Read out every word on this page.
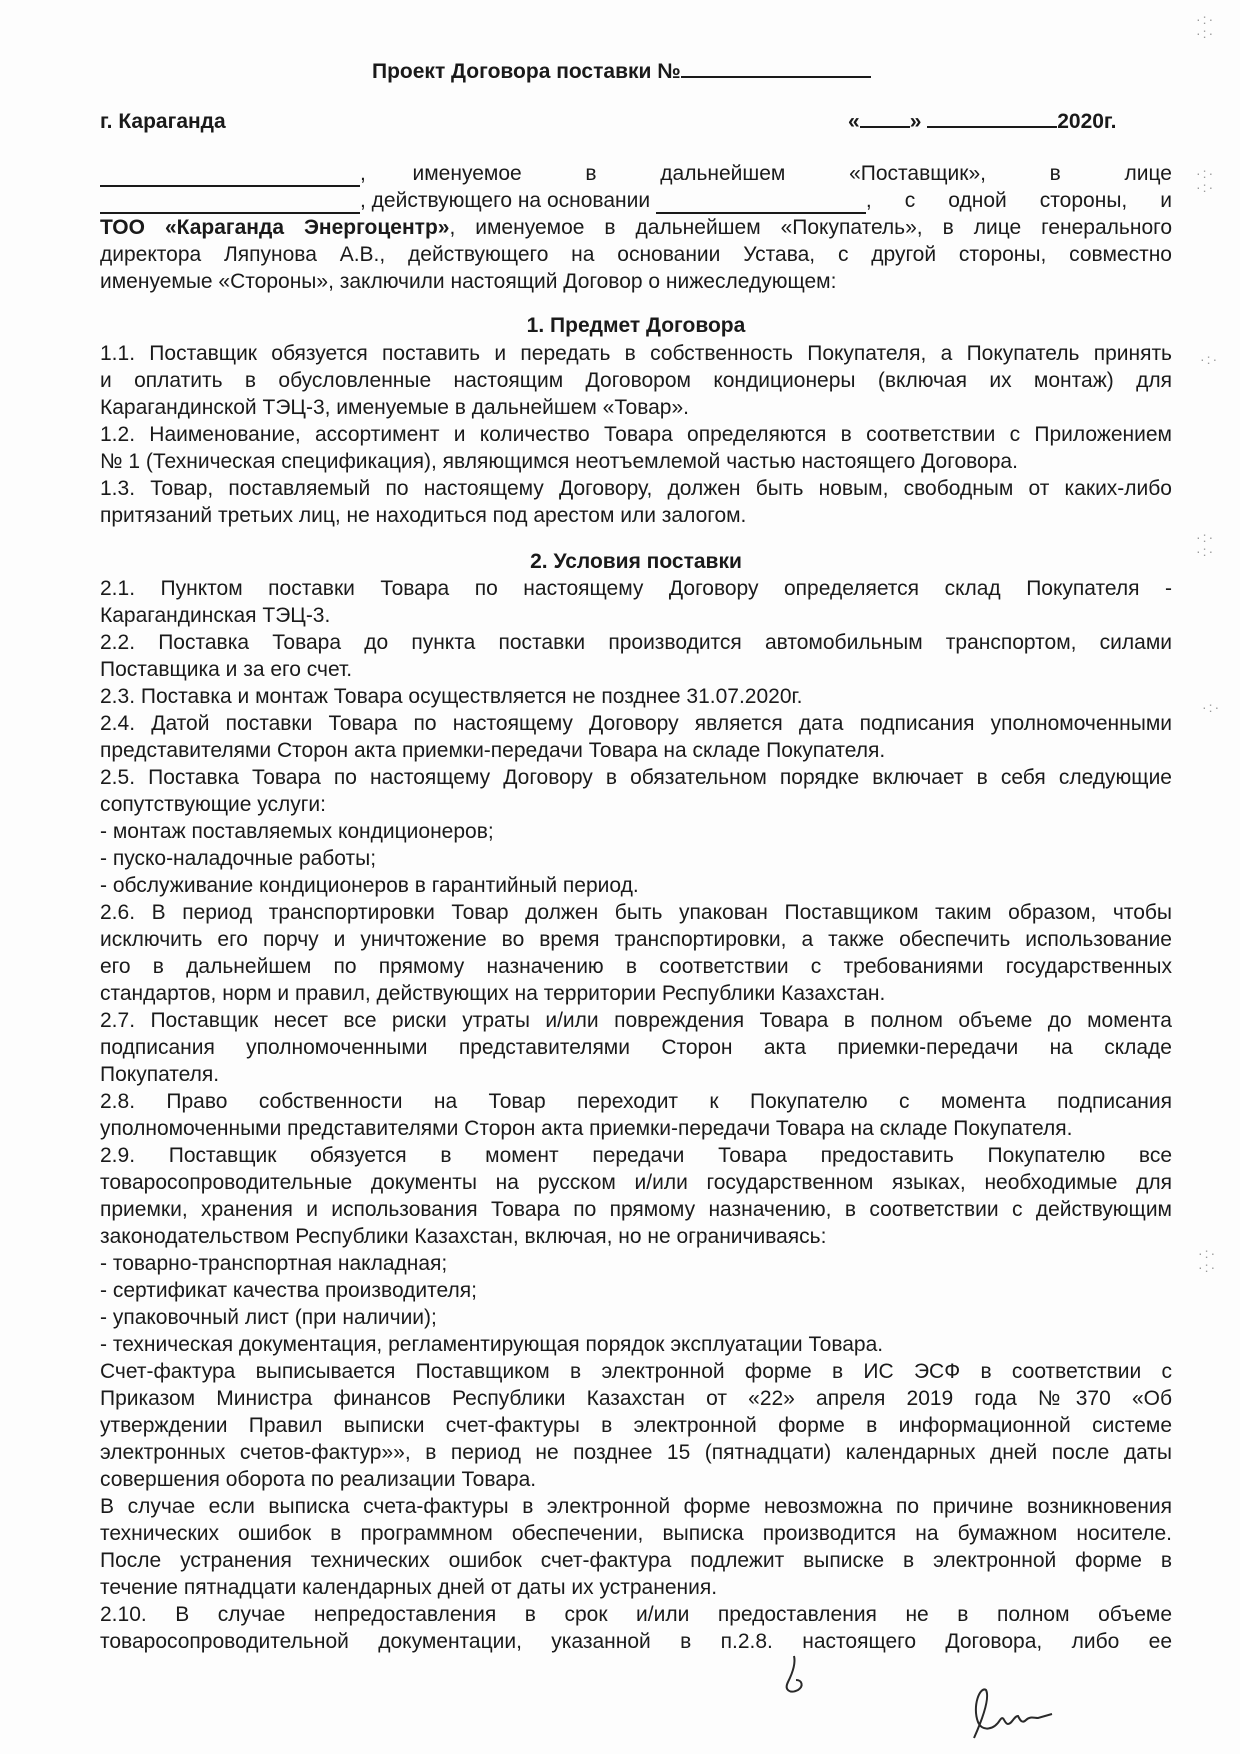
Проект Договора поставки №
г. Караганда	« »	2020г.
, именуемое в дальнейшем «Поставщик», в лице
, действующего на основании
	, с одной стороны, и
ТОО «Караганда Энергоцентр», именуемое в дальнейшем «Покупатель», в лице генерального
директора Ляпунова А.В., действующего на основании Устава, с другой стороны, совместно
именуемые «Стороны», заключили настоящий Договор о нижеследующем:
1. Предмет Договора
1.1. Поставщик обязуется поставить и передать в собственность Покупателя, а Покупатель принять
и оплатить в обусловленные настоящим Договором кондиционеры (включая их монтаж) для
Карагандинской ТЭЦ-3, именуемые в дальнейшем «Товар».
1.2. Наименование, ассортимент и количество Товара определяются в соответствии с Приложением
№ 1 (Техническая спецификация), являющимся неотъемлемой частью настоящего Договора.
1.3. Товар, поставляемый по настоящему Договору, должен быть новым, свободным от каких-либо
притязаний третьих лиц, не находиться под арестом или залогом.
2. Условия поставки
2.1. Пунктом поставки Товара по настоящему Договору определяется склад Покупателя -
Карагандинская ТЭЦ-3.
2.2. Поставка Товара до пункта поставки производится автомобильным транспортом, силами
Поставщика и за его счет.
2.3. Поставка и монтаж Товара осуществляется не позднее 31.07.2020г.
2.4. Датой поставки Товара по настоящему Договору является дата подписания уполномоченными
представителями Сторон акта приемки-передачи Товара на складе Покупателя.
2.5. Поставка Товара по настоящему Договору в обязательном порядке включает в себя следующие
сопутствующие услуги:
- монтаж поставляемых кондиционеров;
- пуско-наладочные работы;
- обслуживание кондиционеров в гарантийный период.
2.6. В период транспортировки Товар должен быть упакован Поставщиком таким образом, чтобы
исключить его порчу и уничтожение во время транспортировки, а также обеспечить использование
его в дальнейшем по прямому назначению в соответствии с требованиями государственных
стандартов, норм и правил, действующих на территории Республики Казахстан.
2.7. Поставщик несет все риски утраты и/или повреждения Товара в полном объеме до момента
подписания уполномоченными представителями Сторон акта приемки-передачи на складе
Покупателя.
2.8. Право собственности на Товар переходит к Покупателю с момента подписания
уполномоченными представителями Сторон акта приемки-передачи Товара на складе Покупателя.
2.9. Поставщик обязуется в момент передачи Товара предоставить Покупателю все
товаросопроводительные документы на русском и/или государственном языках, необходимые для
приемки, хранения и использования Товара по прямому назначению, в соответствии с действующим
законодательством Республики Казахстан, включая, но не ограничиваясь:
- товарно-транспортная накладная;
- сертификат качества производителя;
- упаковочный лист (при наличии);
- техническая документация, регламентирующая порядок эксплуатации Товара.
Счет-фактура выписывается Поставщиком в электронной форме в ИС ЭСФ в соответствии с
Приказом Министра финансов Республики Казахстан от «22» апреля 2019 года №370 «Об
утверждении Правил выписки счет-фактуры в электронной форме в информационной системе
электронных счетов-фактур»», в период не позднее 15 (пятнадцати) календарных дней после даты
совершения оборота по реализации Товара.
В случае если выписка счета-фактуры в электронной форме невозможна по причине возникновения
технических ошибок в программном обеспечении, выписка производится на бумажном носителе.
После устранения технических ошибок счет-фактура подлежит выписке в электронной форме в
течение пятнадцати календарных дней от даты их устранения.
2.10. В случае непредоставления в срок и/или предоставления не в полном объеме
товаросопроводительной документации, указанной в п.2.8. настоящего Договора, либо ее
·:·
·:·
·:·
·:·
·:·
·:·
·:·
·:·
·:·
·:·
